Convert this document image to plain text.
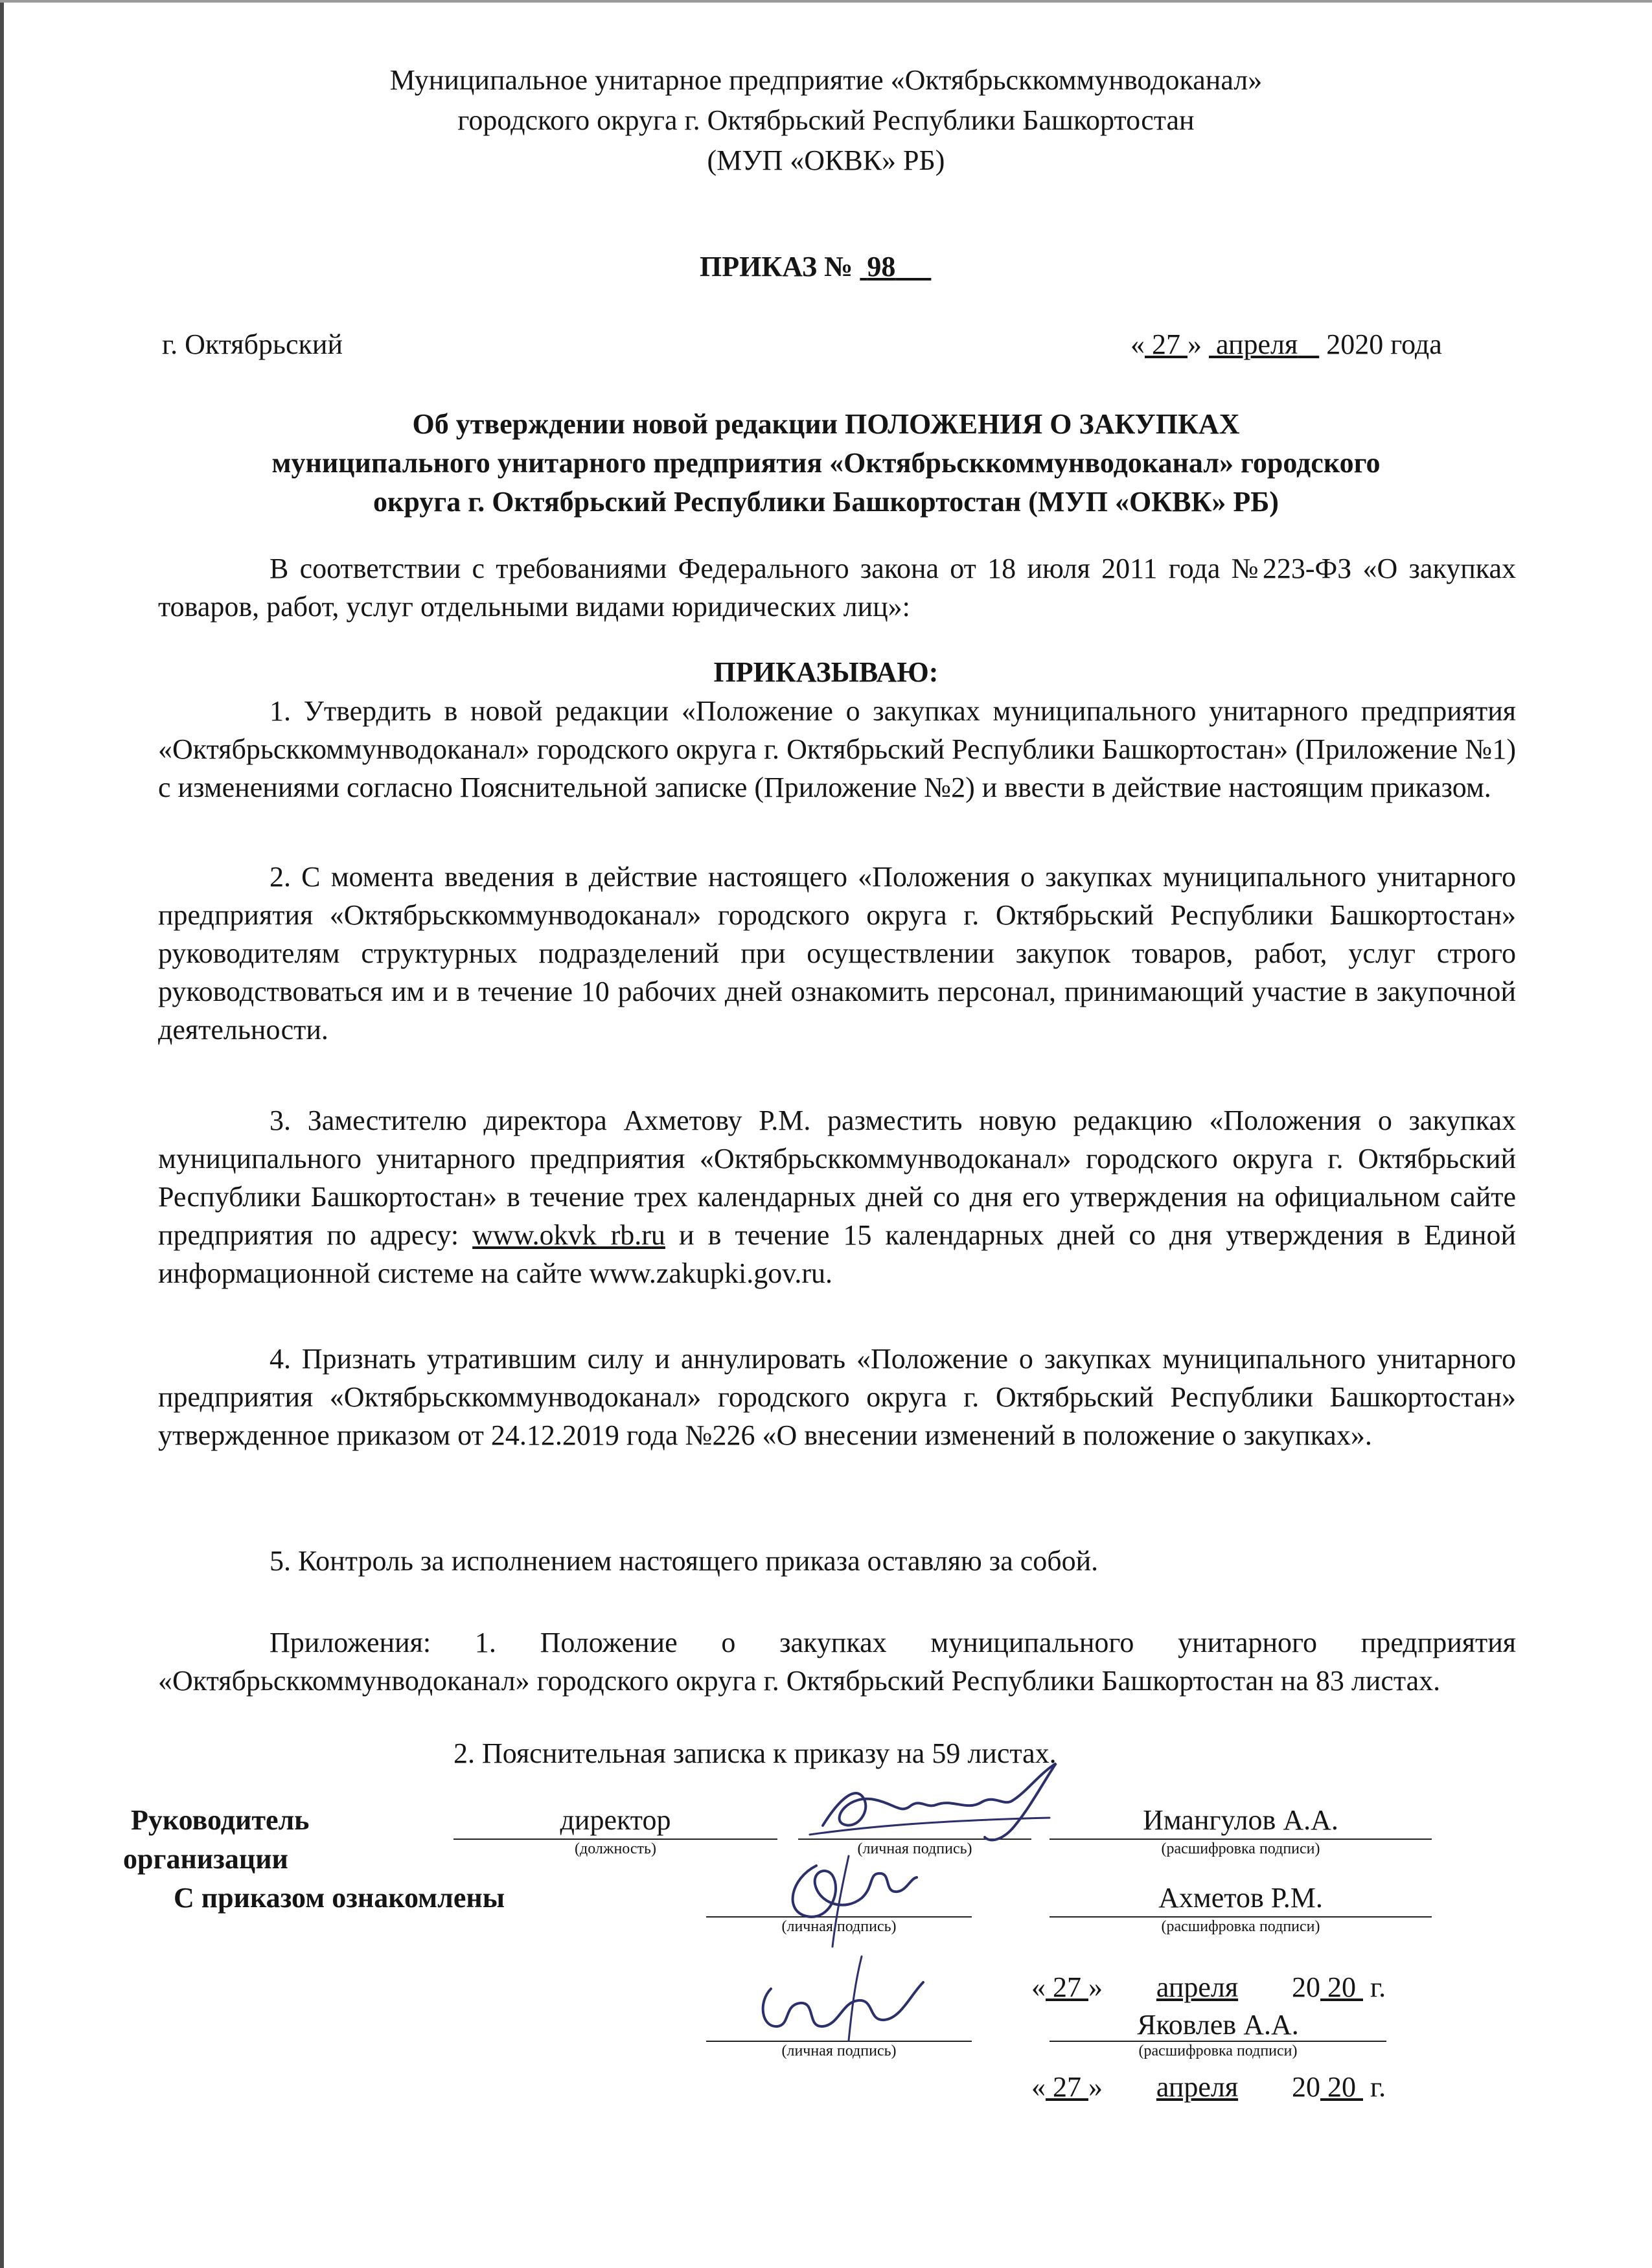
Муниципальное унитарное предприятие «Октябрьсккоммунводоканал»
городского округа г. Октябрьский Республики Башкортостан
(МУП «ОКВК» РБ)
ПРИКАЗ № 98
г. Октябрьский	« 27 » апреля 2020 года
Об утверждении новой редакции ПОЛОЖЕНИЯ О ЗАКУПКАХ
муниципального унитарного предприятия «Октябрьсккоммунводоканал» городского
округа г. Октябрьский Республики Башкортостан (МУП «ОКВК» РБ)
В соответствии с требованиями Федерального закона от 18 июля 2011 года №223-ФЗ «О закупках товаров, работ, услуг отдельными видами юридических лиц»:
ПРИКАЗЫВАЮ:
1. Утвердить в новой редакции «Положение о закупках муниципального унитарного предприятия «Октябрьсккоммунводоканал» городского округа г. Октябрьский Республики Башкортостан» (Приложение №1) с изменениями согласно Пояснительной записке (Приложение №2) и ввести в действие настоящим приказом.
2. С момента введения в действие настоящего «Положения о закупках муниципального унитарного предприятия «Октябрьсккоммунводоканал» городского округа г. Октябрьский Республики Башкортостан» руководителям структурных подразделений при осуществлении закупок товаров, работ, услуг строго руководствоваться им и в течение 10 рабочих дней ознакомить персонал, принимающий участие в закупочной деятельности.
3. Заместителю директора Ахметову Р.М. разместить новую редакцию «Положения о закупках муниципального унитарного предприятия «Октябрьсккоммунводоканал» городского округа г. Октябрьский Республики Башкортостан» в течение трех календарных дней со дня его утверждения на официальном сайте предприятия по адресу: www.okvk_rb.ru и в течение 15 календарных дней со дня утверждения в Единой информационной системе на сайте www.zakupki.gov.ru.
4. Признать утратившим силу и аннулировать «Положение о закупках муниципального унитарного предприятия «Октябрьсккоммунводоканал» городского округа г. Октябрьский Республики Башкортостан» утвержденное приказом от 24.12.2019 года №226 «О внесении изменений в положение о закупках».
5. Контроль за исполнением настоящего приказа оставляю за собой.
Приложения: 1. Положение о закупках муниципального унитарного предприятия «Октябрьсккоммунводоканал» городского округа г. Октябрьский Республики Башкортостан на 83 листах.
2. Пояснительная записка к приказу на 59 листах.
Руководитель
организации
директор
(должность)	(личная подпись)
Имангулов А.А.
(расшифровка подписи)
С приказом ознакомлены
(личная подпись)
Ахметов Р.М.
(расшифровка подписи)
« 27 » апреля 20 20 г.
Яковлев А.А.
(расшифровка подписи)
(личная подпись)
« 27 » апреля 20 20 г.
